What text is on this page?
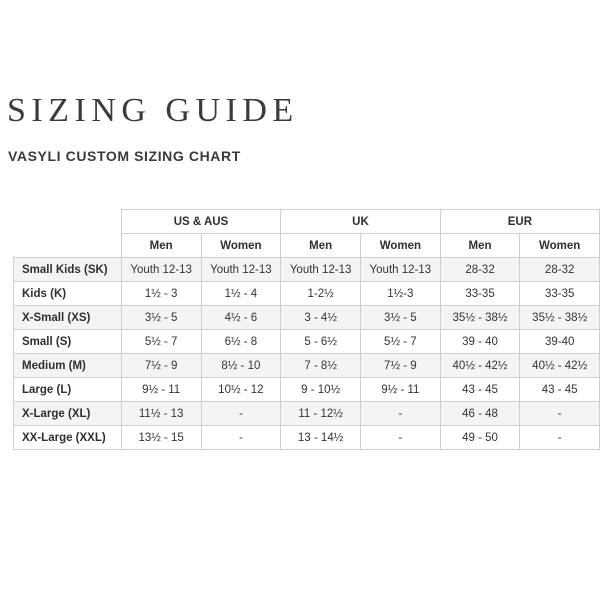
SIZING GUIDE
VASYLI CUSTOM SIZING CHART
	US & AUS		UK		EUR	
	Men	Women	Men	Women	Men	Women
Small Kids (SK)	Youth 12-13	Youth 12-13	Youth 12-13	Youth 12-13	28-32	28-32
Kids (K)	1½ - 3	1½ - 4	1-2½	1½-3	33-35	33-35
X-Small (XS)	3½ - 5	4½ - 6	3 - 4½	3½ - 5	35½ - 38½	35½ - 38½
Small (S)	5½ - 7	6½ - 8	5 - 6½	5½ - 7	39 - 40	39-40
Medium (M)	7½ - 9	8½ - 10	7 - 8½	7½ - 9	40½ - 42½	40½ - 42½
Large (L)	9½ - 11	10½ - 12	9 - 10½	9½ - 11	43 - 45	43 - 45
X-Large (XL)	11½ - 13	-	11 - 12½	-	46 - 48	-
XX-Large (XXL)	13½ - 15	-	13 - 14½	-	49 - 50	-
